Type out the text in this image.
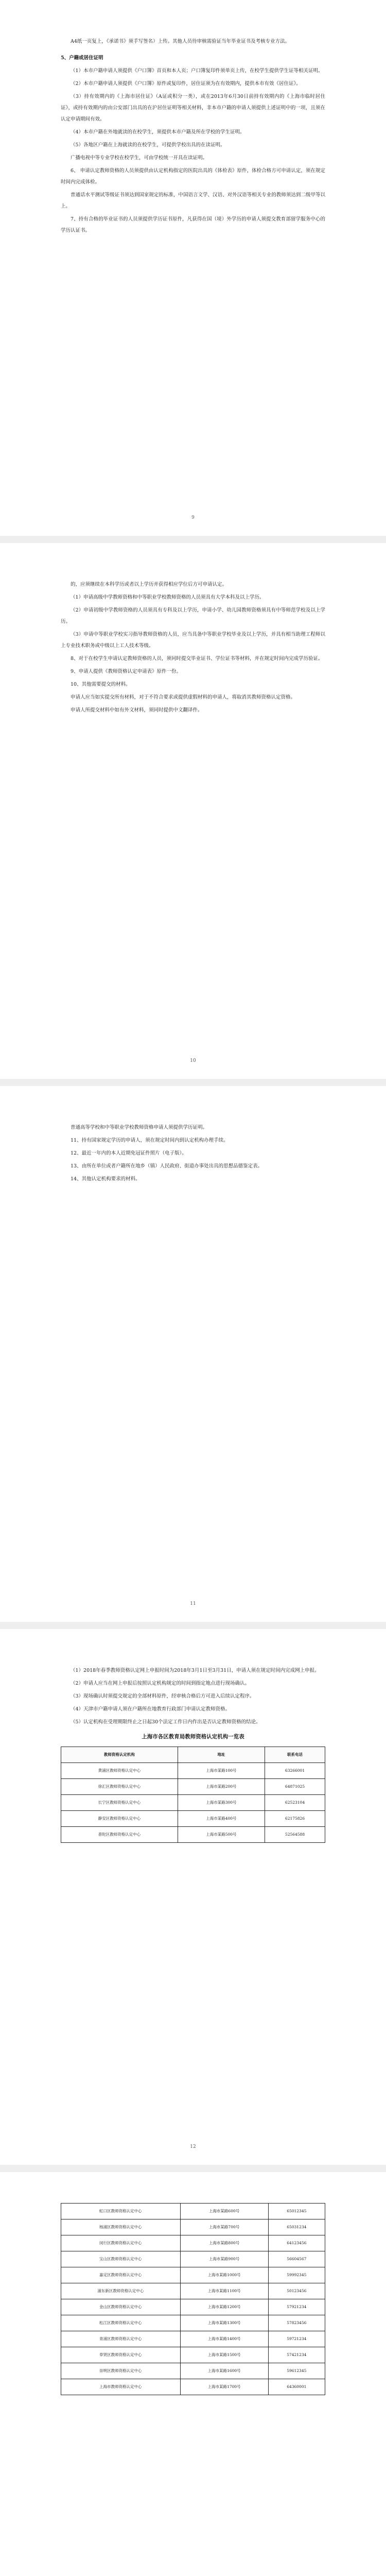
A4纸一页复上，《承诺书》须手写签名）上传。其他人员待审核需验证当年毕业证书及考核专业方法。

5、户籍或居住证明

（1）本市户籍申请人须提供《户口簿》首页和本人页；户口簿复印件须单页上传，在校学生提供学生证等相关证明。

（2）本市户籍申请人须提供《户口簿》原件或复印件，居住证须为在有效期内，提供本市有效《居住证》。

（3）持有效期内的《上海市居住证》（A证或积分一类），或在2013年6月30日前持有效期内的《上海市临时居住证》，或持有效期内的由公安部门出具的在沪居住证明等相关材料，非本市户籍的申请人须提供上述证明中的一项，且须在认定申请期间有效。

（4）本市户籍在外地就读的在校学生，须提供本市户籍及所在学校的学生证明。

（5）各地区户籍在上海就读的在校学生，可提供学校出具的在读证明。

广播电视中等专业学校在校学生，可由学校统一开具在读证明。

6、 申请认定教师资格的人员须提供由认定机构指定的医院出具的《体检表》原件，体检合格方可申请认定，须在规定时间内完成体检。

普通话水平测试等级证书须达到国家规定的标准，中国语言文学、汉语、对外汉语等相关专业的教师须达到二级甲等以上。

7、持有合格的毕业证书的人员须提供学历证书原件，凡获得在国（境）外学历的申请人须提交教育部留学服务中心的学历认证书。

9

的，应须继续在本科学历或者以上学历并获得相应学位后方可申请认定。

（1）申请高级中学教师资格和中等职业学校教师资格的人员须具有大学本科及以上学历。

（2）申请初级中学教师资格的人员须具有专科及以上学历，申请小学、幼儿园教师资格须具有中等师范学校及以上学历。

（3）申请中等职业学校实习指导教师资格的人员，应当具备中等职业学校毕业及以上学历，并具有相当助理工程师以上专业技术职务或中级以上工人技术等级。

8、对于在校学生申请认定教师资格的人员，须同时提交毕业证书、学位证书等材料，并在规定时间内完成学历验证。

9、申请人提供《教师资格认定申请表》原件一份。

10、其他需要提交的材料。

申请人应当如实提交所有材料，对于不符合要求或提供虚假材料的申请人，将取消其教师资格认定资格。

申请人所提交材料中如有外文材料，须同时提供中文翻译件。

10

普通高等学校和中等职业学校教师资格申请人须提供学历证明。

11、持有国家规定学历的申请人，须在规定时间内到认定机构办理手续。

12、最近一年内的本人近期免冠证件照片（电子版）。

13、由所在单位或者户籍所在地乡（镇）人民政府、街道办事处出具的思想品德鉴定表。

14、其他认定机构要求的材料。

11

（1）2018年春季教师资格认定网上申报时间为2018年3月1日至3月31日，申请人须在规定时间内完成网上申报。

（2）申请人应当在网上申报后按照认定机构规定的时间到指定地点进行现场确认。

（3）现场确认时须提交规定的全部材料原件，经审核合格后方可进入后续认定程序。

（4）天津市户籍申请人须在户籍所在地教育行政部门申请认定教师资格。

（5）认定机构在受理期限终止之日起30个法定工作日内作出是否认定教师资格的结论。

上海市各区教育局教师资格认定机构一览表
教师资格认定机构	地址	联系电话
黄浦区教师资格认定中心	上海市某路100号	63266001
徐汇区教师资格认定中心	上海市某路200号	64871025
长宁区教师资格认定中心	上海市某路300号	62523104
静安区教师资格认定中心	上海市某路400号	62175826
普陀区教师资格认定中心	上海市某路500号	52564588
12
虹口区教师资格认定中心	上海市某路600号	65012345
杨浦区教师资格认定中心	上海市某路700号	65031234
闵行区教师资格认定中心	上海市某路800号	64123456
宝山区教师资格认定中心	上海市某路900号	56604567
嘉定区教师资格认定中心	上海市某路1000号	59992345
浦东新区教师资格认定中心	上海市某路1100号	50123456
金山区教师资格认定中心	上海市某路1200号	57921234
松江区教师资格认定中心	上海市某路1300号	57823456
青浦区教师资格认定中心	上海市某路1400号	59721234
奉贤区教师资格认定中心	上海市某路1500号	57421234
崇明区教师资格认定中心	上海市某路1600号	59612345
上海市教师资格认定中心	上海市某路1700号	64360001
